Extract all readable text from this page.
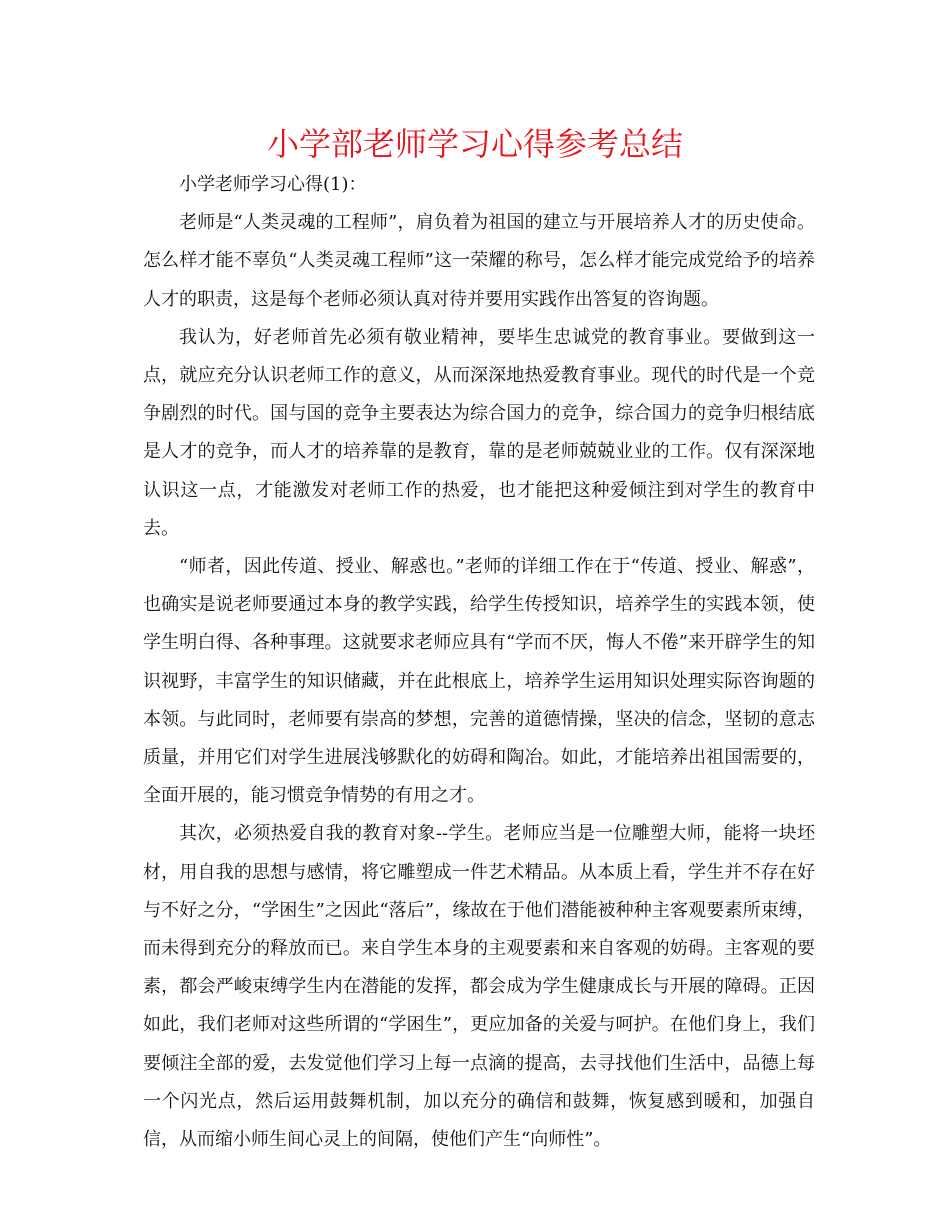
小学部老师学习心得参考总结

小学老师学习心得(1)：

老师是“人类灵魂的工程师”，肩负着为祖国的建立与开展培养人才的历史使命。怎么样才能不辜负“人类灵魂工程师”这一荣耀的称号，怎么样才能完成党给予的培养人才的职责，这是每个老师必须认真对待并要用实践作出答复的咨询题。

我认为，好老师首先必须有敬业精神，要毕生忠诚党的教育事业。要做到这一点，就应充分认识老师工作的意义，从而深深地热爱教育事业。现代的时代是一个竞争剧烈的时代。国与国的竞争主要表达为综合国力的竞争，综合国力的竞争归根结底是人才的竞争，而人才的培养靠的是教育，靠的是老师兢兢业业的工作。仅有深深地认识这一点，才能激发对老师工作的热爱，也才能把这种爱倾注到对学生的教育中去。

“师者，因此传道、授业、解惑也。”老师的详细工作在于“传道、授业、解惑”，也确实是说老师要通过本身的教学实践，给学生传授知识，培养学生的实践本领，使学生明白得、各种事理。这就要求老师应具有“学而不厌，悔人不倦”来开辟学生的知识视野，丰富学生的知识储藏，并在此根底上，培养学生运用知识处理实际咨询题的本领。与此同时，老师要有崇高的梦想，完善的道德情操，坚决的信念，坚韧的意志质量，并用它们对学生进展浅够默化的妨碍和陶冶。如此，才能培养出祖国需要的，全面开展的，能习惯竞争情势的有用之才。

其次，必须热爱自我的教育对象--学生。老师应当是一位雕塑大师，能将一块坯材，用自我的思想与感情，将它雕塑成一件艺术精品。从本质上看，学生并不存在好与不好之分，“学困生”之因此“落后”，缘故在于他们潜能被种种主客观要素所束缚，而未得到充分的释放而已。来自学生本身的主观要素和来自客观的妨碍。主客观的要素，都会严峻束缚学生内在潜能的发挥，都会成为学生健康成长与开展的障碍。正因如此，我们老师对这些所谓的“学困生”，更应加备的关爱与呵护。在他们身上，我们要倾注全部的爱，去发觉他们学习上每一点滴的提高，去寻找他们生活中，品德上每一个闪光点，然后运用鼓舞机制，加以充分的确信和鼓舞，恢复感到暖和，加强自信，从而缩小师生间心灵上的间隔，使他们产生“向师性”。
